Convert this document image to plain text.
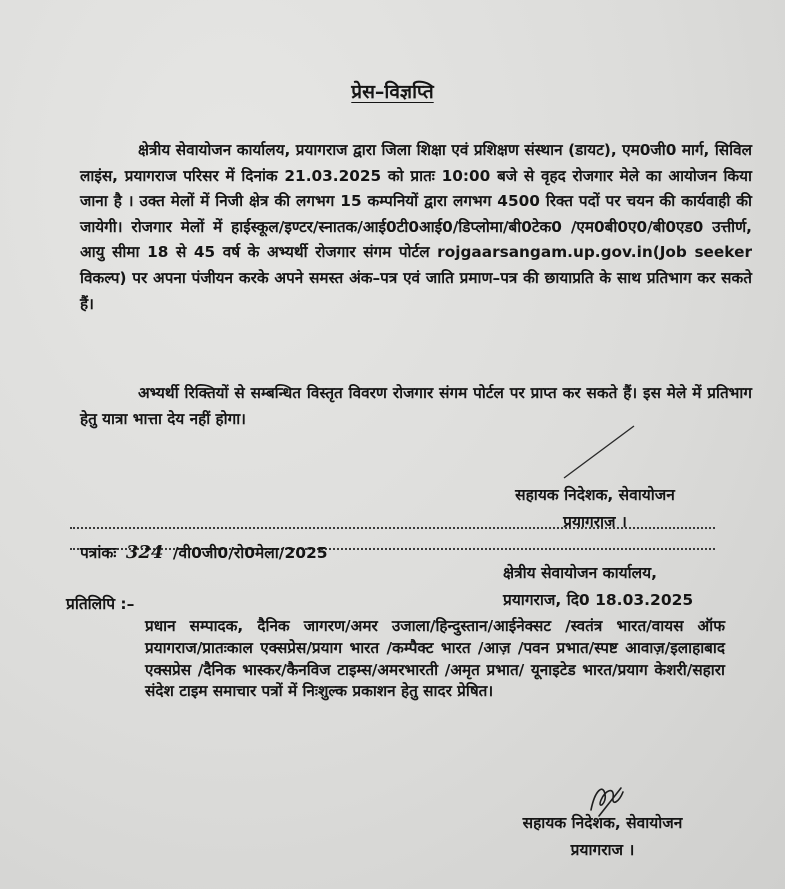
प्रेस–विज्ञप्ति
क्षेत्रीय सेवायोजन कार्यालय, प्रयागराज द्वारा जिला शिक्षा एवं प्रशिक्षण संस्थान (डायट), एम0जी0 मार्ग, सिविल लाइंस, प्रयागराज परिसर में दिनांक 21.03.2025 को प्रातः 10:00 बजे से वृहद रोजगार मेले का आयोजन किया जाना है । उक्त मेलों में निजी क्षेत्र की लगभग 15 कम्पनियों द्वारा लगभग 4500 रिक्त पदों पर चयन की कार्यवाही की जायेगी। रोजगार मेलों में हाईस्कूल/इण्टर/स्नातक/आई0टी0आई0/डिप्लोमा/बी0टेक0 /एम0बी0ए0/बी0एड0 उत्तीर्ण, आयु सीमा 18 से 45 वर्ष के अभ्यर्थी रोजगार संगम पोर्टल rojgaarsangam.up.gov.in(Job seeker विकल्प) पर अपना पंजीयन करके अपने समस्त अंक–पत्र एवं जाति प्रमाण–पत्र की छायाप्रति के साथ प्रतिभाग कर सकते हैं।
अभ्यर्थी रिक्तियों से सम्बन्धित विस्तृत विवरण रोजगार संगम पोर्टल पर प्राप्त कर सकते हैं। इस मेले में प्रतिभाग हेतु यात्रा भात्ता देय नहीं होगा।
सहायक निदेशक, सेवायोजन
प्रयागराज ।
पत्रांकः 324 /वी0जी0/रो0मेला/2025
क्षेत्रीय सेवायोजन कार्यालय,
प्रयागराज, दि0 18.03.2025
प्रतिलिपि :–
प्रधान सम्पादक, दैनिक जागरण/अमर उजाला/हिन्दुस्तान/आईनेक्सट /स्वतंत्र भारत/वायस ऑफ प्रयागराज/प्रातःकाल एक्सप्रेस/प्रयाग भारत /कम्पैक्ट भारत /आज़ /पवन प्रभात/स्पष्ट आवाज़/इलाहाबाद एक्सप्रेस /दैनिक भास्कर/कैनविज टाइम्स/अमरभारती /अमृत प्रभात/ यूनाइटेड भारत/प्रयाग केशरी/सहारा संदेश टाइम समाचार पत्रों में निःशुल्क प्रकाशन हेतु सादर प्रेषित।
सहायक निदेशक, सेवायोजन
प्रयागराज ।
